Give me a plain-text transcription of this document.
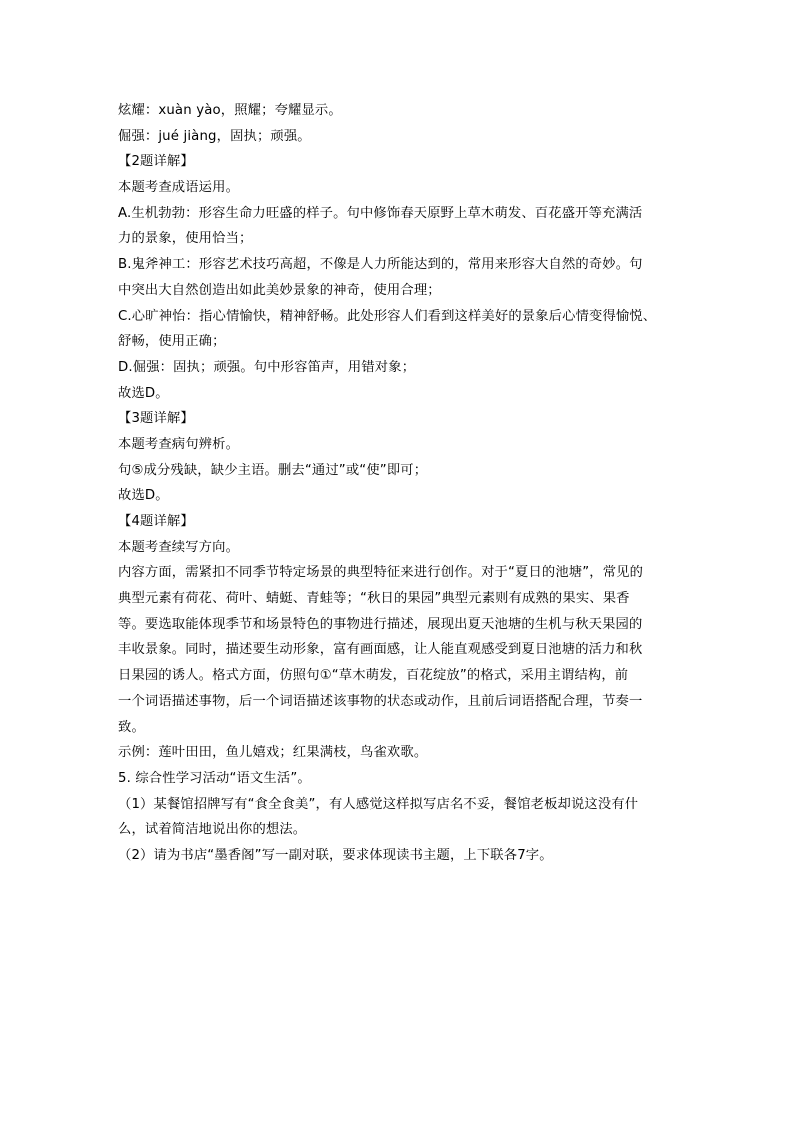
炫耀：xuàn yào，照耀；夸耀显示。
倔强：jué jiàng，固执；顽强。
【2题详解】
本题考查成语运用。
A.生机勃勃：形容生命力旺盛的样子。句中修饰春天原野上草木萌发、百花盛开等充满活
力的景象，使用恰当；
B.鬼斧神工：形容艺术技巧高超，不像是人力所能达到的，常用来形容大自然的奇妙。句
中突出大自然创造出如此美妙景象的神奇，使用合理；
C.心旷神怡：指心情愉快，精神舒畅。此处形容人们看到这样美好的景象后心情变得愉悦、
舒畅，使用正确；
D.倔强：固执；顽强。句中形容笛声，用错对象；
故选D。
【3题详解】
本题考查病句辨析。
句⑤成分残缺，缺少主语。删去“通过”或“使”即可；
故选D。
【4题详解】
本题考查续写方向。
内容方面，需紧扣不同季节特定场景的典型特征来进行创作。对于“夏日的池塘”，常见的
典型元素有荷花、荷叶、蜻蜓、青蛙等；“秋日的果园”典型元素则有成熟的果实、果香
等。要选取能体现季节和场景特色的事物进行描述，展现出夏天池塘的生机与秋天果园的
丰收景象。同时，描述要生动形象，富有画面感，让人能直观感受到夏日池塘的活力和秋
日果园的诱人。格式方面，仿照句①“草木萌发，百花绽放”的格式，采用主谓结构，前
一个词语描述事物，后一个词语描述该事物的状态或动作，且前后词语搭配合理，节奏一
致。
示例：莲叶田田，鱼儿嬉戏；红果满枝，鸟雀欢歌。
5. 综合性学习活动“语文生活”。
（1）某餐馆招牌写有“食全食美”，有人感觉这样拟写店名不妥，餐馆老板却说这没有什
么，试着简洁地说出你的想法。
（2）请为书店“墨香阁”写一副对联，要求体现读书主题，上下联各7字。
